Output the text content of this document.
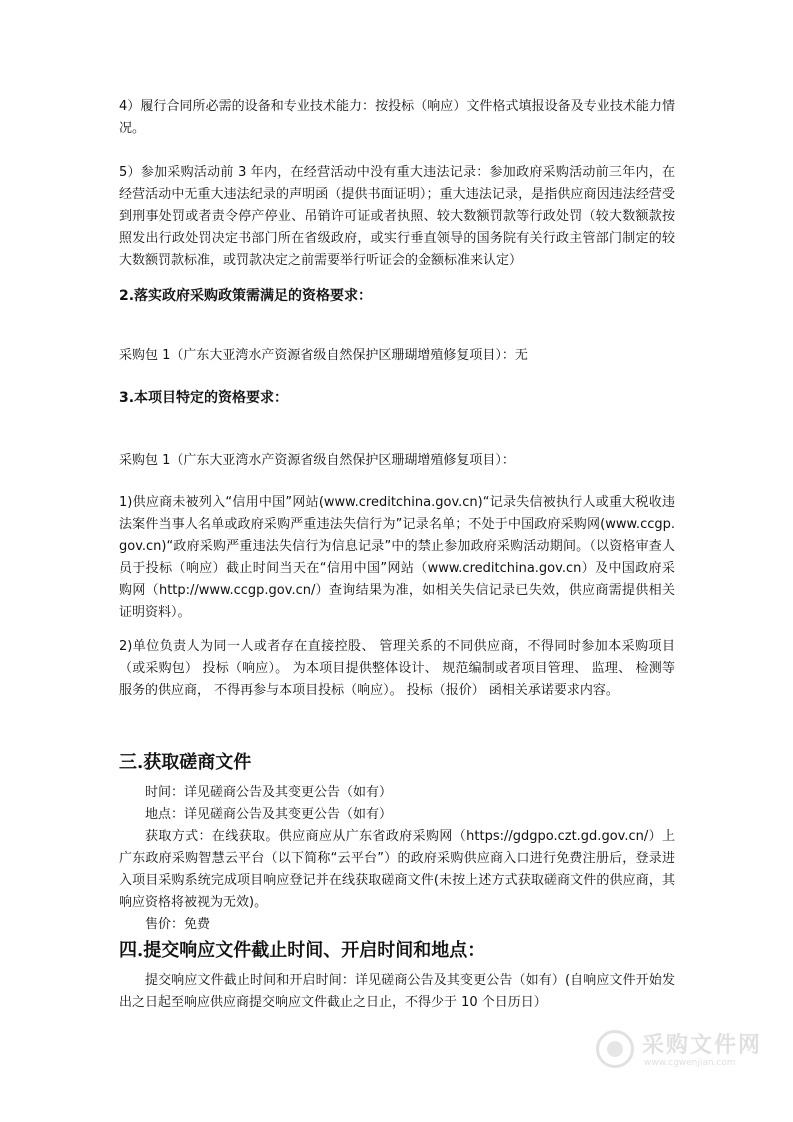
4）履行合同所必需的设备和专业技术能力：按投标（响应）文件格式填报设备及专业技术能力情况。

5）参加采购活动前 3 年内，在经营活动中没有重大违法记录：参加政府采购活动前三年内，在经营活动中无重大违法纪录的声明函（提供书面证明）；重大违法记录，是指供应商因违法经营受到刑事处罚或者责令停产停业、吊销许可证或者执照、较大数额罚款等行政处罚（较大数额款按照发出行政处罚决定书部门所在省级政府，或实行垂直领导的国务院有关行政主管部门制定的较大数额罚款标准，或罚款决定之前需要举行听证会的金额标准来认定）

2.落实政府采购政策需满足的资格要求：

采购包 1（广东大亚湾水产资源省级自然保护区珊瑚增殖修复项目）：无

3.本项目特定的资格要求：

采购包 1（广东大亚湾水产资源省级自然保护区珊瑚增殖修复项目）：

1)供应商未被列入“信用中国”网站(www.creditchina.gov.cn)“记录失信被执行人或重大税收违法案件当事人名单或政府采购严重违法失信行为”记录名单；不处于中国政府采购网(www.ccgp.gov.cn)“政府采购严重违法失信行为信息记录”中的禁止参加政府采购活动期间。（以资格审查人员于投标（响应）截止时间当天在“信用中国”网站（www.creditchina.gov.cn）及中国政府采购网（http://www.ccgp.gov.cn/）查询结果为准，如相关失信记录已失效，供应商需提供相关证明资料）。

2)单位负责人为同一人或者存在直接控股、 管理关系的不同供应商，不得同时参加本采购项目（或采购包） 投标（响应）。 为本项目提供整体设计、 规范编制或者项目管理、 监理、 检测等服务的供应商， 不得再参与本项目投标（响应）。 投标（报价） 函相关承诺要求内容。

三.获取磋商文件

时间：详见磋商公告及其变更公告（如有）

地点：详见磋商公告及其变更公告（如有）

获取方式：在线获取。供应商应从广东省政府采购网（https://gdgpo.czt.gd.gov.cn/）上广东政府采购智慧云平台（以下简称“云平台”）的政府采购供应商入口进行免费注册后，登录进入项目采购系统完成项目响应登记并在线获取磋商文件(未按上述方式获取磋商文件的供应商，其响应资格将被视为无效)。

售价：免费

四.提交响应文件截止时间、开启时间和地点：

提交响应文件截止时间和开启时间：详见磋商公告及其变更公告（如有）(自响应文件开始发出之日起至响应供应商提交响应文件截止之日止，不得少于 10 个日历日）

采购文件网
www.cgwenjian.com
